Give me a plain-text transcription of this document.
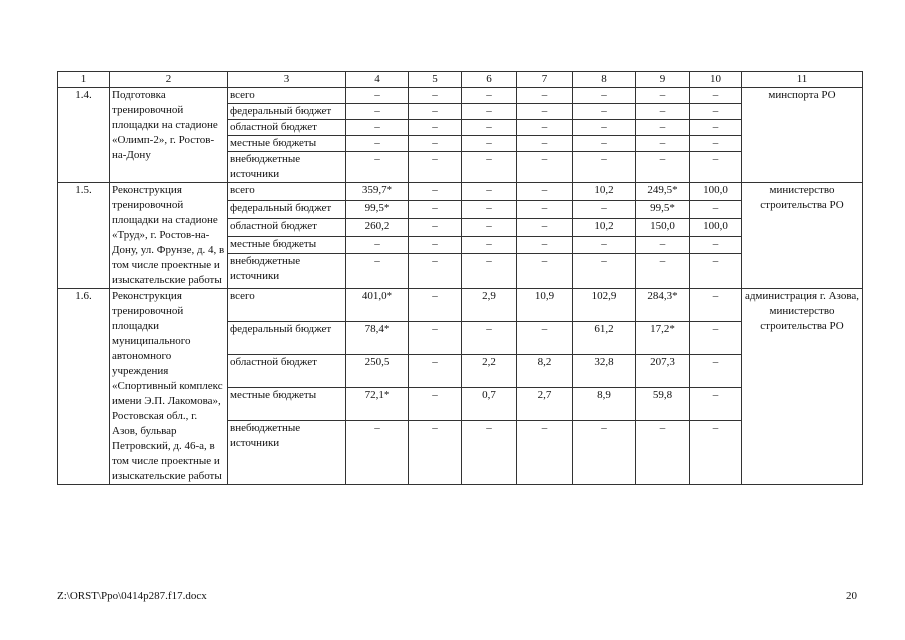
1	2	3	4	5	6	7	8	9	10	11
1.4.	Подготовка тренировочной площадки на стадионе «Олимп-2», г. Ростов-на-Дону	всего	–	–	–	–	–	–	–	минспорта РО
		федеральный бюджет	–	–	–	–	–	–	–	
		областной бюджет	–	–	–	–	–	–	–	
		местные бюджеты	–	–	–	–	–	–	–	
		внебюджетные источники	–	–	–	–	–	–	–	
1.5.	Реконструкция тренировочной площадки на стадионе «Труд», г. Ростов-на-Дону, ул. Фрунзе, д. 4, в том числе проектные и изыскательские работы	всего	359,7*	–	–	–	10,2	249,5*	100,0	министерство строительства РО
		федеральный бюджет	99,5*	–	–	–	–	99,5*	–	
		областной бюджет	260,2	–	–	–	10,2	150,0	100,0	
		местные бюджеты	–	–	–	–	–	–	–	
		внебюджетные источники	–	–	–	–	–	–	–	
1.6.	Реконструкция тренировочной площадки муниципального автономного учреждения «Спортивный комплекс имени Э.П. Лакомова», Ростовская обл., г. Азов, бульвар Петровский, д. 46-а, в том числе проектные и изыскательские работы	всего	401,0*	–	2,9	10,9	102,9	284,3*	–	администрация г. Азова, министерство строительства РО
		федеральный бюджет	78,4*	–	–	–	61,2	17,2*	–	
		областной бюджет	250,5	–	2,2	8,2	32,8	207,3	–	
		местные бюджеты	72,1*	–	0,7	2,7	8,9	59,8	–	
		внебюджетные источники	–	–	–	–	–	–	–	
Z:\ORST\Ppo\0414p287.f17.docx	20
